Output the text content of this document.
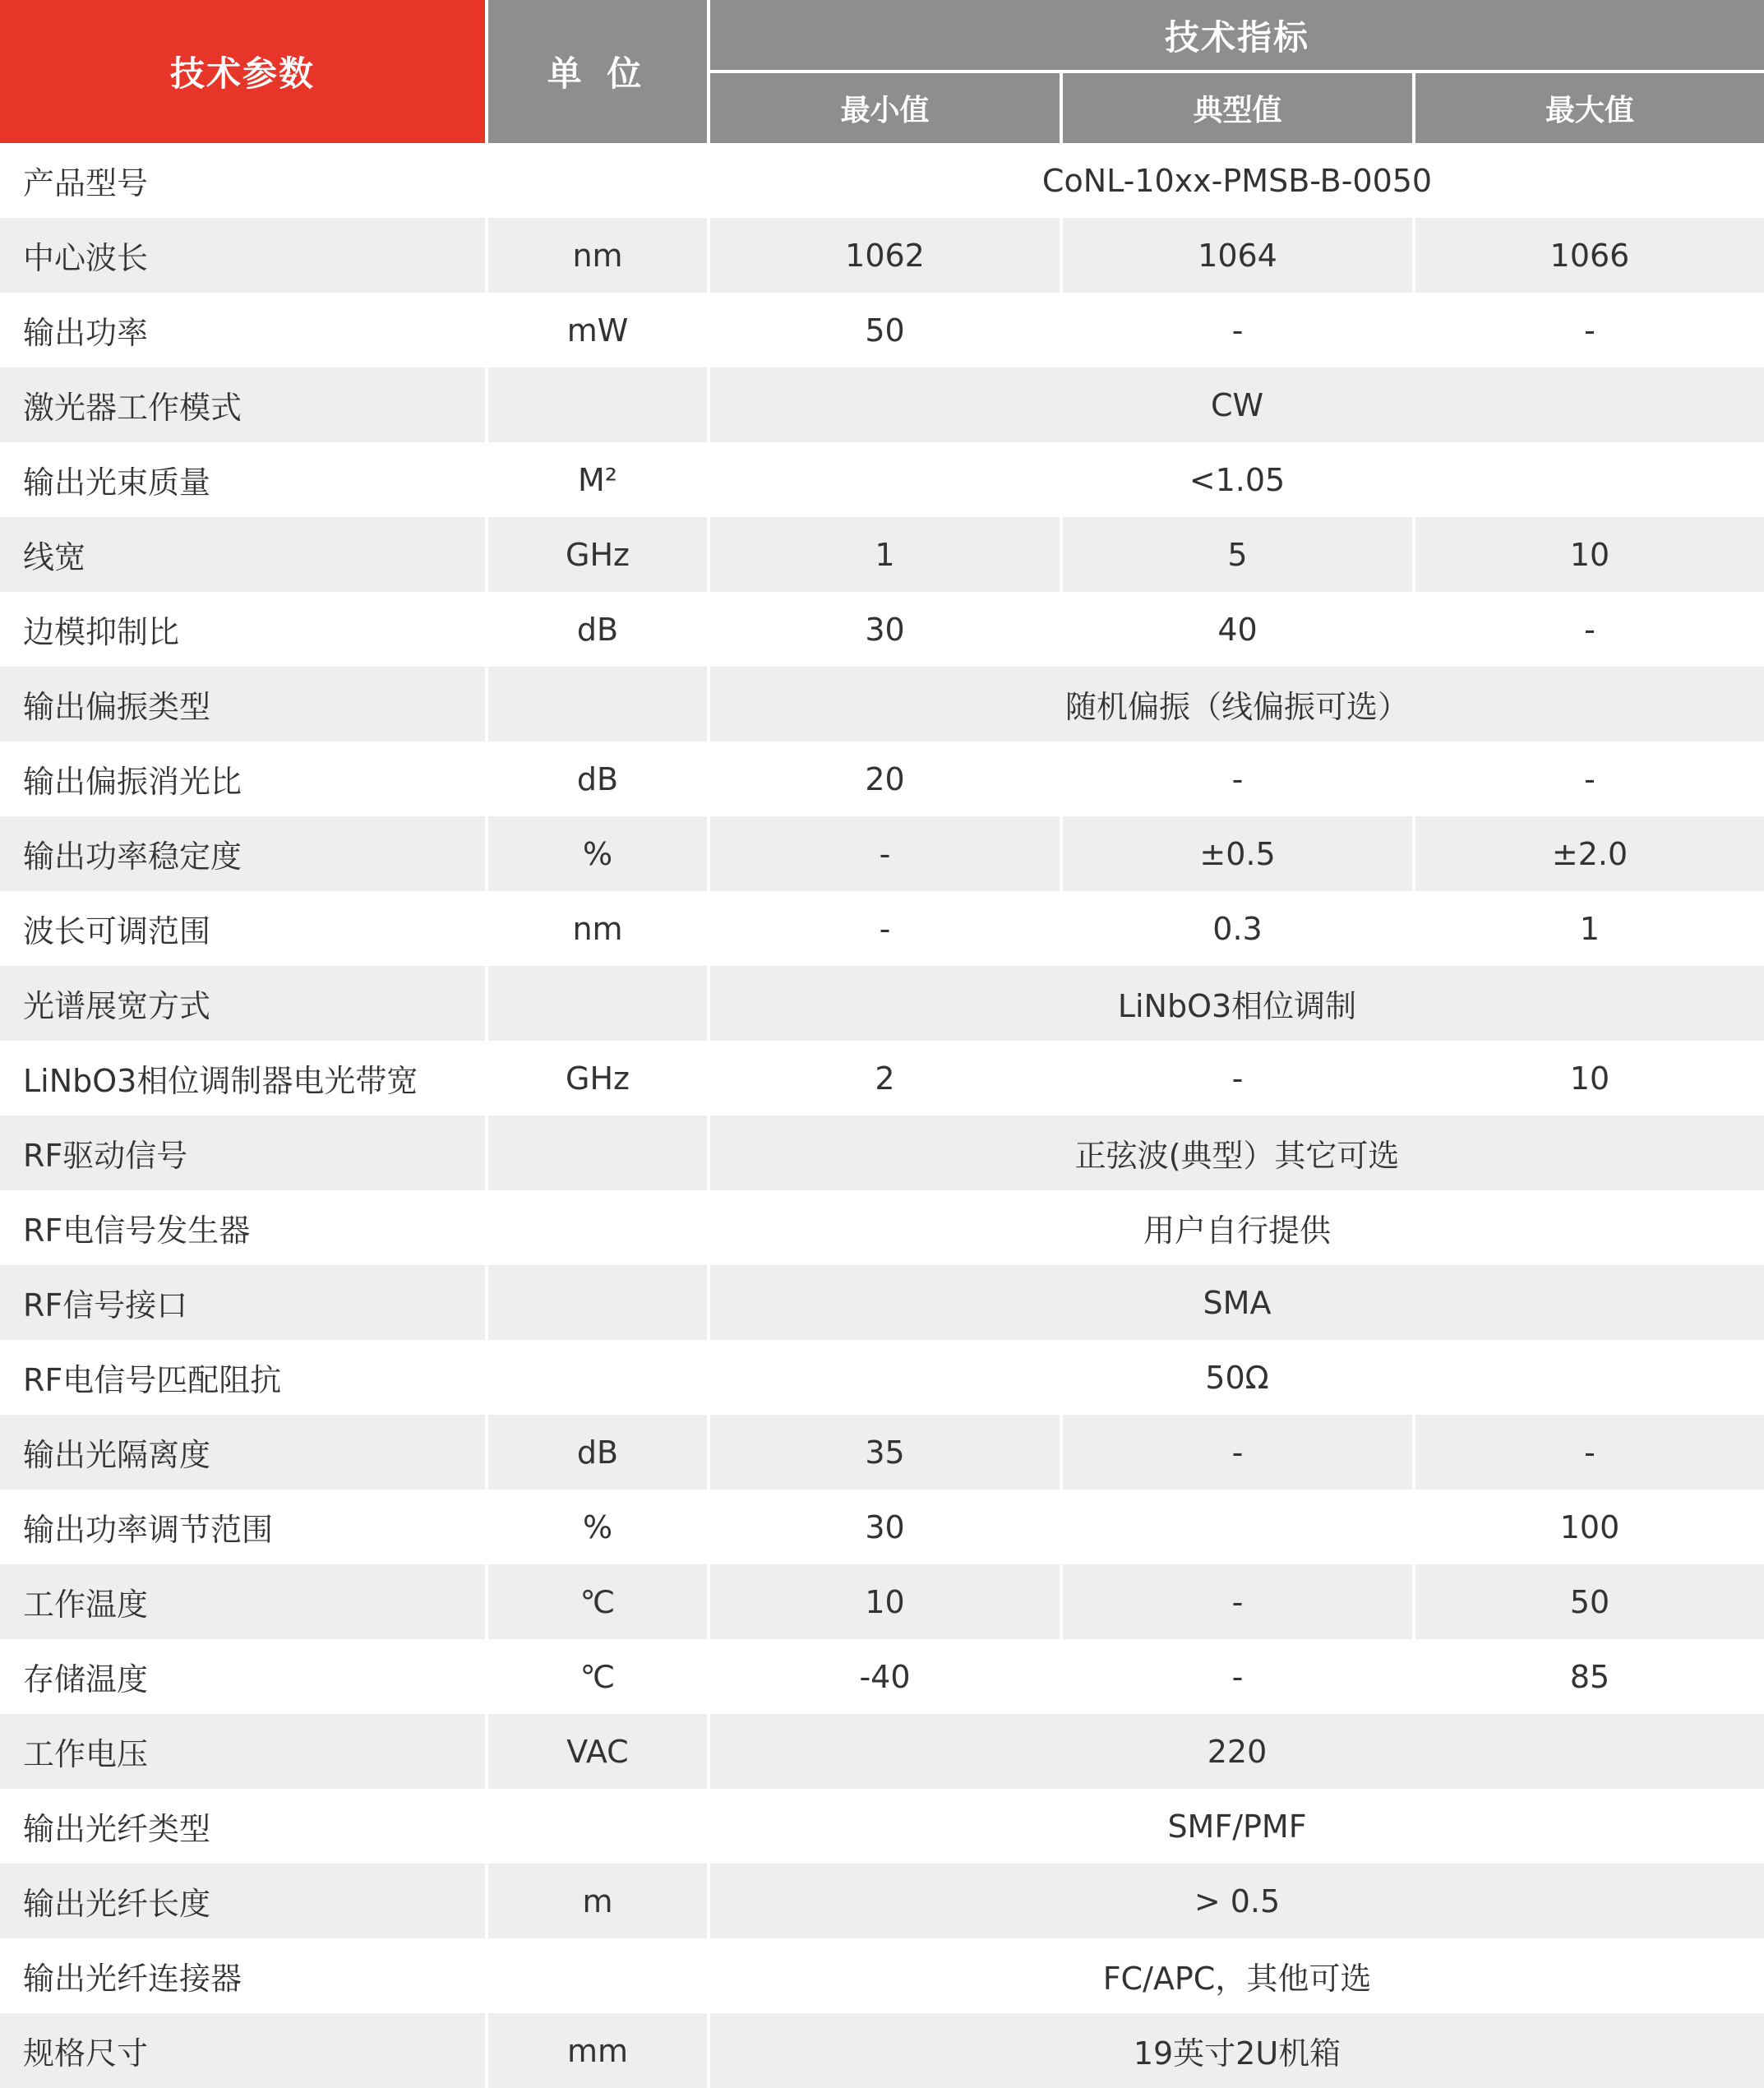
技术参数	单 位	技术指标		
		最小值	典型值	最大值
产品型号		CoNL-10xx-PMSB-B-0050		
中心波长	nm	1062	1064	1066
输出功率	mW	50	-	-
激光器工作模式		CW		
输出光束质量	M²	<1.05		
线宽	GHz	1	5	10
边模抑制比	dB	30	40	-
输出偏振类型		随机偏振（线偏振可选）		
输出偏振消光比	dB	20	-	-
输出功率稳定度	%	-	±0.5	±2.0
波长可调范围	nm	-	0.3	1
光谱展宽方式		LiNbO3相位调制		
LiNbO3相位调制器电光带宽	GHz	2	-	10
RF驱动信号		正弦波(典型）其它可选		
RF电信号发生器		用户自行提供		
RF信号接口		SMA		
RF电信号匹配阻抗		50Ω		
输出光隔离度	dB	35	-	-
输出功率调节范围	%	30		100
工作温度	℃	10	-	50
存储温度	℃	-40	-	85
工作电压	VAC	220		
输出光纤类型		SMF/PMF		
输出光纤长度	m	> 0.5		
输出光纤连接器		FC/APC，其他可选		
规格尺寸	mm	19英寸2U机箱		
